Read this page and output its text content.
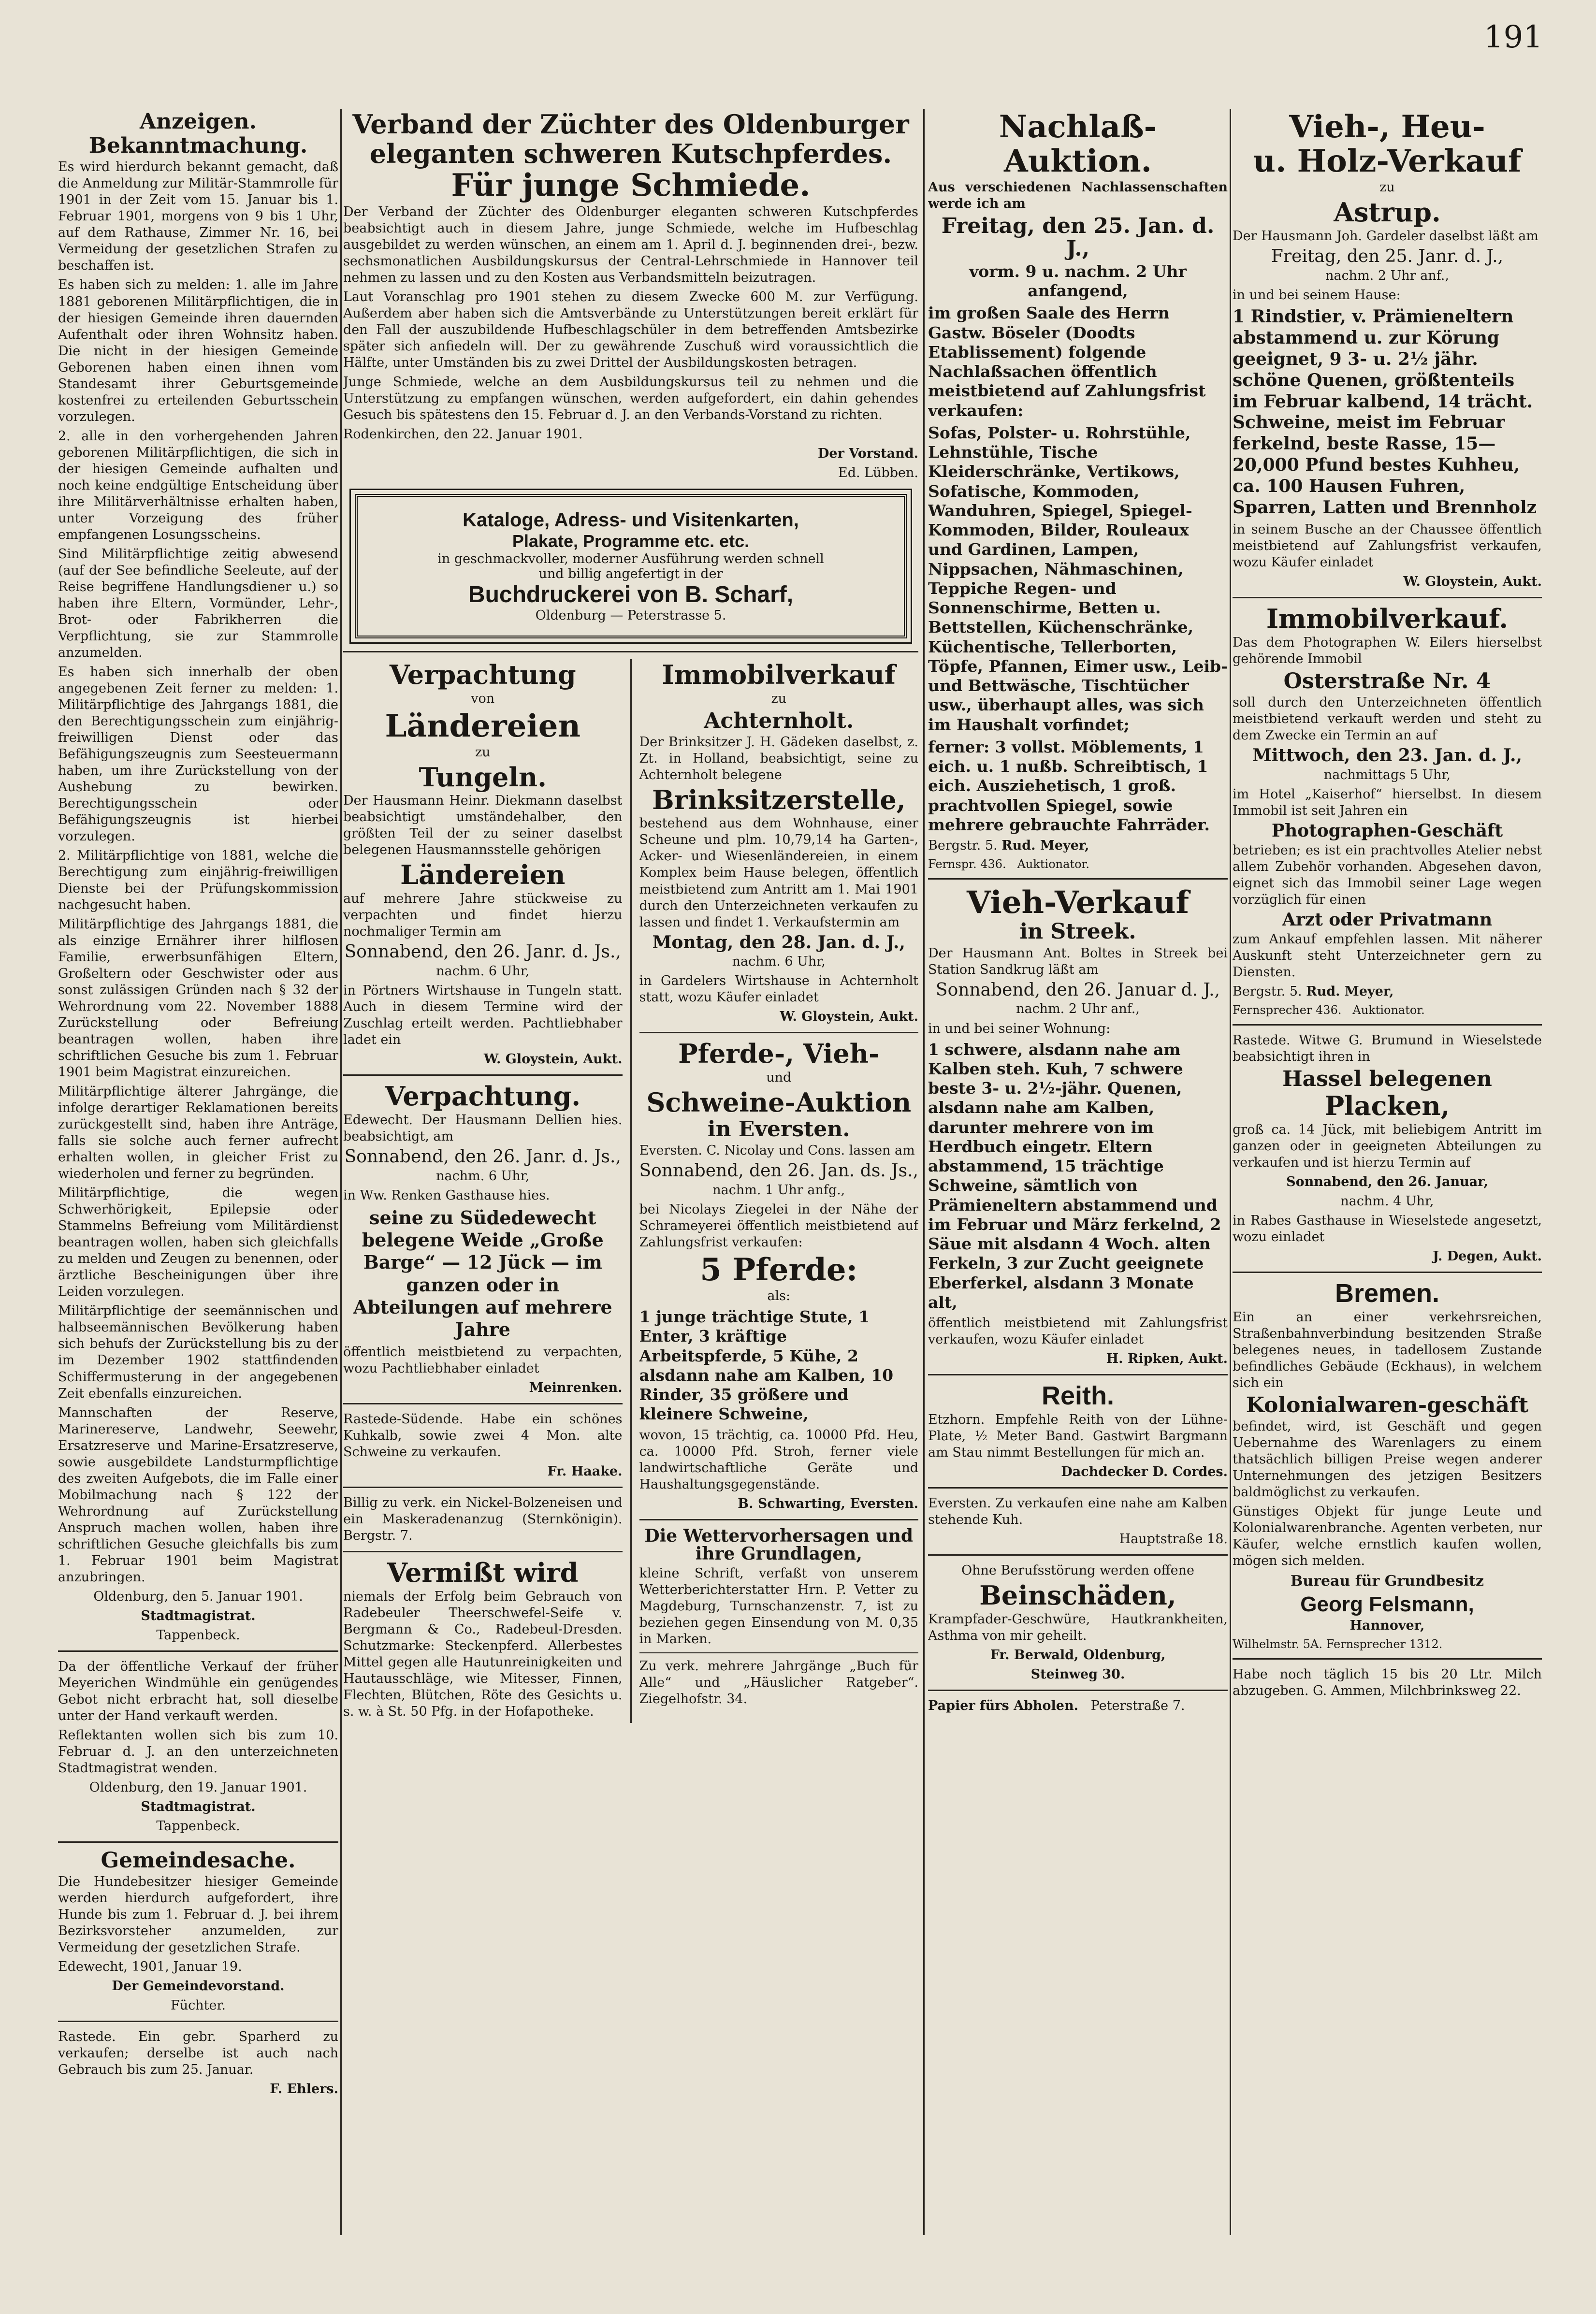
191
Anzeigen.
Bekanntmachung.

Es wird hierdurch bekannt gemacht, daß die Anmeldung zur Militär-Stammrolle für 1901 in der Zeit vom 15. Januar bis 1. Februar 1901, morgens von 9 bis 1 Uhr, auf dem Rathause, Zimmer Nr. 16, bei Vermeidung der gesetzlichen Strafen zu beschaffen ist.

Es haben sich zu melden: 1. alle im Jahre 1881 geborenen Militärpflichtigen, die in der hiesigen Gemeinde ihren dauernden Aufenthalt oder ihren Wohnsitz haben. Die nicht in der hiesigen Gemeinde Geborenen haben einen ihnen vom Standesamt ihrer Geburtsgemeinde kostenfrei zu erteilenden Geburtsschein vorzulegen.

2. alle in den vorhergehenden Jahren geborenen Militärpflichtigen, die sich in der hiesigen Gemeinde aufhalten und noch keine endgültige Entscheidung über ihre Militärverhältnisse erhalten haben, unter Vorzeigung des früher empfangenen Losungsscheins.

Sind Militärpflichtige zeitig abwesend (auf der See befindliche Seeleute, auf der Reise begriffene Handlungsdiener u.) so haben ihre Eltern, Vormünder, Lehr-, Brot- oder Fabrikherren die Verpflichtung, sie zur Stammrolle anzumelden.

Es haben sich innerhalb der oben angegebenen Zeit ferner zu melden: 1. Militärpflichtige des Jahrgangs 1881, die den Berechtigungsschein zum einjährig-freiwilligen Dienst oder das Befähigungszeugnis zum Seesteuermann haben, um ihre Zurückstellung von der Aushebung zu bewirken. Berechtigungsschein oder Befähigungszeugnis ist hierbei vorzulegen.

2. Militärpflichtige von 1881, welche die Berechtigung zum einjährig-freiwilligen Dienste bei der Prüfungskommission nachgesucht haben.

Militärpflichtige des Jahrgangs 1881, die als einzige Ernährer ihrer hilflosen Familie, erwerbsunfähigen Eltern, Großeltern oder Geschwister oder aus sonst zulässigen Gründen nach § 32 der Wehrordnung vom 22. November 1888 Zurückstellung oder Befreiung beantragen wollen, haben ihre schriftlichen Gesuche bis zum 1. Februar 1901 beim Magistrat einzureichen.

Militärpflichtige älterer Jahrgänge, die infolge derartiger Reklamationen bereits zurückgestellt sind, haben ihre Anträge, falls sie solche auch ferner aufrecht erhalten wollen, in gleicher Frist zu wiederholen und ferner zu begründen.

Militärpflichtige, die wegen Schwerhörigkeit, Epilepsie oder Stammelns Befreiung vom Militärdienst beantragen wollen, haben sich gleichfalls zu melden und Zeugen zu benennen, oder ärztliche Bescheinigungen über ihre Leiden vorzulegen.

Militärpflichtige der seemännischen und halbseemännischen Bevölkerung haben sich behufs der Zurückstellung bis zu der im Dezember 1902 stattfindenden Schiffermusterung in der angegebenen Zeit ebenfalls einzureichen.

Mannschaften der Reserve, Marinereserve, Landwehr, Seewehr, Ersatzreserve und Marine-Ersatzreserve, sowie ausgebildete Landsturmpflichtige des zweiten Aufgebots, die im Falle einer Mobilmachung nach § 122 der Wehrordnung auf Zurückstellung Anspruch machen wollen, haben ihre schriftlichen Gesuche gleichfalls bis zum 1. Februar 1901 beim Magistrat anzubringen.

Oldenburg, den 5. Januar 1901.

Stadtmagistrat.

Tappenbeck.

Da der öffentliche Verkauf der früher Meyerichen Windmühle ein genügendes Gebot nicht erbracht hat, soll dieselbe unter der Hand verkauft werden.

Reflektanten wollen sich bis zum 10. Februar d. J. an den unterzeichneten Stadtmagistrat wenden.

Oldenburg, den 19. Januar 1901.

Stadtmagistrat.

Tappenbeck.

Gemeindesache.

Die Hundebesitzer hiesiger Gemeinde werden hierdurch aufgefordert, ihre Hunde bis zum 1. Februar d. J. bei ihrem Bezirksvorsteher anzumelden, zur Vermeidung der gesetzlichen Strafe.

Edewecht, 1901, Januar 19.

Der Gemeindevorstand.

Füchter.

Rastede. Ein gebr. Sparherd zu verkaufen; derselbe ist auch nach Gebrauch bis zum 25. Januar.

F. Ehlers.

Verband der Züchter des Oldenburger
eleganten schweren Kutschpferdes.
Für junge Schmiede.

Der Verband der Züchter des Oldenburger eleganten schweren Kutschpferdes beabsichtigt auch in diesem Jahre, junge Schmiede, welche im Hufbeschlag ausgebildet zu werden wünschen, an einem am 1. April d. J. beginnenden drei-, bezw. sechsmonatlichen Ausbildungskursus der Central-Lehrschmiede in Hannover teil nehmen zu lassen und zu den Kosten aus Verbandsmitteln beizutragen.

Laut Voranschlag pro 1901 stehen zu diesem Zwecke 600 M. zur Verfügung. Außerdem aber haben sich die Amtsverbände zu Unterstützungen bereit erklärt für den Fall der auszubildende Hufbeschlagschüler in dem betreffenden Amtsbezirke später sich anfiedeln will. Der zu gewährende Zuschuß wird voraussichtlich die Hälfte, unter Umständen bis zu zwei Drittel der Ausbildungskosten betragen.

Junge Schmiede, welche an dem Ausbildungskursus teil zu nehmen und die Unterstützung zu empfangen wünschen, werden aufgefordert, ein dahin gehendes Gesuch bis spätestens den 15. Februar d. J. an den Verbands-Vorstand zu richten.

Rodenkirchen, den 22. Januar 1901.

Der Vorstand.

Ed. Lübben.

Kataloge, Adress- und Visitenkarten,
Plakate, Programme etc. etc.
in geschmackvoller, moderner Ausführung werden schnell
und billig angefertigt in der
Buchdruckerei von B. Scharf,
Oldenburg — Peterstrasse 5.
Verpachtung
von
Ländereien
zu
Tungeln.

Der Hausmann Heinr. Diekmann daselbst beabsichtigt umständehalber, den größten Teil der zu seiner daselbst belegenen Hausmannsstelle gehörigen

Ländereien

auf mehrere Jahre stückweise zu verpachten und findet hierzu nochmaliger Termin am

Sonnabend, den 26. Janr. d. Js.,

nachm. 6 Uhr,

in Pörtners Wirtshause in Tungeln statt. Auch in diesem Termine wird der Zuschlag erteilt werden. Pachtliebhaber ladet ein

W. Gloystein, Aukt.

Verpachtung.

Edewecht. Der Hausmann Dellien hies. beabsichtigt, am

Sonnabend, den 26. Janr. d. Js.,

nachm. 6 Uhr,

in Ww. Renken Gasthause hies.

seine zu Südedewecht belegene Weide „Große Barge“ — 12 Jück — im ganzen oder in Abteilungen auf mehrere Jahre

öffentlich meistbietend zu verpachten, wozu Pachtliebhaber einladet

Meinrenken.

Rastede-Südende. Habe ein schönes Kuhkalb, sowie zwei 4 Mon. alte Schweine zu verkaufen.

Fr. Haake.

Billig zu verk. ein Nickel-Bolzeneisen und ein Maskeradenanzug (Sternkönigin). Bergstr. 7.

Vermißt wird

niemals der Erfolg beim Gebrauch von Radebeuler Theerschwefel-Seife v. Bergmann & Co., Radebeul-Dresden. Schutzmarke: Steckenpferd. Allerbestes Mittel gegen alle Hautunreinigkeiten und Hautausschläge, wie Mitesser, Finnen, Flechten, Blütchen, Röte des Gesichts u. s. w. à St. 50 Pfg. in der Hofapotheke.

Immobilverkauf
zu
Achternholt.

Der Brinksitzer J. H. Gädeken daselbst, z. Zt. in Holland, beabsichtigt, seine zu Achternholt belegene

Brinksitzerstelle,

bestehend aus dem Wohnhause, einer Scheune und plm. 10,79,14 ha Garten-, Acker- und Wiesenländereien, in einem Komplex beim Hause belegen, öffentlich meistbietend zum Antritt am 1. Mai 1901 durch den Unterzeichneten verkaufen zu lassen und findet 1. Verkaufstermin am

Montag, den 28. Jan. d. J.,

nachm. 6 Uhr,

in Gardelers Wirtshause in Achternholt statt, wozu Käufer einladet

W. Gloystein, Aukt.

Pferde-, Vieh-
und
Schweine-Auktion
in Eversten.

Eversten. C. Nicolay und Cons. lassen am

Sonnabend, den 26. Jan. ds. Js.,

nachm. 1 Uhr anfg.,

bei Nicolays Ziegelei in der Nähe der Schrameyerei öffentlich meistbietend auf Zahlungsfrist verkaufen:

5 Pferde:
als:

1 junge trächtige Stute, 1 Enter, 3 kräftige Arbeitspferde, 5 Kühe, 2 alsdann nahe am Kalben, 10 Rinder, 35 größere und kleinere Schweine,

wovon, 15 trächtig, ca. 10000 Pfd. Heu, ca. 10000 Pfd. Stroh, ferner viele landwirtschaftliche Geräte und Haushaltungsgegenstände.

B. Schwarting, Eversten.

Die Wettervorhersagen und ihre Grundlagen,

kleine Schrift, verfaßt von unserem Wetterberichterstatter Hrn. P. Vetter zu Magdeburg, Turnschanzenstr. 7, ist zu beziehen gegen Einsendung von M. 0,35 in Marken.

Zu verk. mehrere Jahrgänge „Buch für Alle“ und „Häuslicher Ratgeber“. Ziegelhofstr. 34.

Nachlaß-
Auktion.

Aus verschiedenen Nachlassenschaften werde ich am

Freitag, den 25. Jan. d. J.,

vorm. 9 u. nachm. 2 Uhr anfangend,

im großen Saale des Herrn Gastw. Böseler (Doodts Etablissement) folgende Nachlaßsachen öffentlich meistbietend auf Zahlungsfrist verkaufen:

Sofas, Polster- u. Rohrstühle, Lehnstühle, Tische Kleiderschränke, Vertikows, Sofatische, Kommoden, Wanduhren, Spiegel, Spiegel-Kommoden, Bilder, Rouleaux und Gardinen, Lampen, Nippsachen, Nähmaschinen, Teppiche Regen- und Sonnenschirme, Betten u. Bettstellen, Küchenschränke, Küchentische, Tellerborten, Töpfe, Pfannen, Eimer usw., Leib- und Bettwäsche, Tischtücher usw., überhaupt alles, was sich im Haushalt vorfindet;

ferner: 3 vollst. Möblements, 1 eich. u. 1 nußb. Schreibtisch, 1 eich. Ausziehetisch, 1 groß. prachtvollen Spiegel, sowie mehrere gebrauchte Fahrräder.

Bergstr. 5. Rud. Meyer,

Fernspr. 436. Auktionator.

Vieh-Verkauf
in Streek.

Der Hausmann Ant. Boltes in Streek bei Station Sandkrug läßt am

Sonnabend, den 26. Januar d. J.,

nachm. 2 Uhr anf.,

in und bei seiner Wohnung:

1 schwere, alsdann nahe am Kalben steh. Kuh, 7 schwere beste 3- u. 2½-jähr. Quenen, alsdann nahe am Kalben, darunter mehrere von im Herdbuch eingetr. Eltern abstammend, 15 trächtige Schweine, sämtlich von Prämieneltern abstammend und im Februar und März ferkelnd, 2 Säue mit alsdann 4 Woch. alten Ferkeln, 3 zur Zucht geeignete Eberferkel, alsdann 3 Monate alt,

öffentlich meistbietend mit Zahlungsfrist verkaufen, wozu Käufer einladet

H. Ripken, Aukt.

Reith.

Etzhorn. Empfehle Reith von der Lühne-Plate, ½ Meter Band. Gastwirt Bargmann am Stau nimmt Bestellungen für mich an.

Dachdecker D. Cordes.

Eversten. Zu verkaufen eine nahe am Kalben stehende Kuh.

Hauptstraße 18.

Ohne Berufsstörung werden offene

Beinschäden,

Krampfader-Geschwüre, Hautkrankheiten, Asthma von mir geheilt.

Fr. Berwald, Oldenburg,

Steinweg 30.

Papier fürs Abholen. Peterstraße 7.

Vieh-, Heu-
u. Holz-Verkauf
zu
Astrup.

Der Hausmann Joh. Gardeler daselbst läßt am

Freitag, den 25. Janr. d. J.,

nachm. 2 Uhr anf.,

in und bei seinem Hause:

1 Rindstier, v. Prämieneltern abstammend u. zur Körung geeignet, 9 3- u. 2½ jähr. schöne Quenen, größtenteils im Februar kalbend, 14 trächt. Schweine, meist im Februar ferkelnd, beste Rasse, 15—20,000 Pfund bestes Kuhheu, ca. 100 Hausen Fuhren, Sparren, Latten und Brennholz

in seinem Busche an der Chaussee öffentlich meistbietend auf Zahlungsfrist verkaufen, wozu Käufer einladet

W. Gloystein, Aukt.

Immobilverkauf.

Das dem Photographen W. Eilers hierselbst gehörende Immobil

Osterstraße Nr. 4

soll durch den Unterzeichneten öffentlich meistbietend verkauft werden und steht zu dem Zwecke ein Termin an auf

Mittwoch, den 23. Jan. d. J.,

nachmittags 5 Uhr,

im Hotel „Kaiserhof“ hierselbst. In diesem Immobil ist seit Jahren ein

Photographen-Geschäft

betrieben; es ist ein prachtvolles Atelier nebst allem Zubehör vorhanden. Abgesehen davon, eignet sich das Immobil seiner Lage wegen vorzüglich für einen

Arzt oder Privatmann

zum Ankauf empfehlen lassen. Mit näherer Auskunft steht Unterzeichneter gern zu Diensten.

Bergstr. 5. Rud. Meyer,

Fernsprecher 436. Auktionator.

Rastede. Witwe G. Brumund in Wieselstede beabsichtigt ihren in

Hassel belegenen
Placken,

groß ca. 14 Jück, mit beliebigem Antritt im ganzen oder in geeigneten Abteilungen zu verkaufen und ist hierzu Termin auf

Sonnabend, den 26. Januar,

nachm. 4 Uhr,

in Rabes Gasthause in Wieselstede angesetzt, wozu einladet

J. Degen, Aukt.

Bremen.

Ein an einer verkehrsreichen, Straßenbahnverbindung besitzenden Straße belegenes neues, in tadellosem Zustande befindliches Gebäude (Eckhaus), in welchem sich ein

Kolonialwaren-geschäft

befindet, wird, ist Geschäft und gegen Uebernahme des Warenlagers zu einem thatsächlich billigen Preise wegen anderer Unternehmungen des jetzigen Besitzers baldmöglichst zu verkaufen.

Günstiges Objekt für junge Leute und Kolonialwarenbranche. Agenten verbeten, nur Käufer, welche ernstlich kaufen wollen, mögen sich melden.

Bureau für Grundbesitz

Georg Felsmann,

Hannover,

Wilhelmstr. 5A. Fernsprecher 1312.

Habe noch täglich 15 bis 20 Ltr. Milch abzugeben. G. Ammen, Milchbrinksweg 22.
